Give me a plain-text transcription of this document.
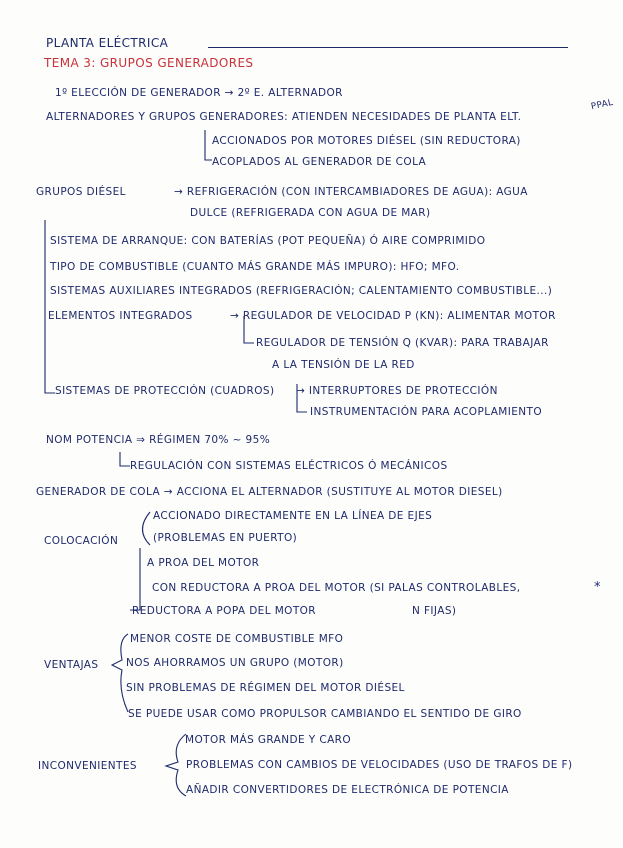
PLANTA ELÉCTRICA
TEMA 3: GRUPOS GENERADORES
PPAL
1º ELECCIÓN DE GENERADOR → 2º E. ALTERNADOR
ALTERNADORES Y GRUPOS GENERADORES: ATIENDEN NECESIDADES DE PLANTA ELT.
ACCIONADOS POR MOTORES DIÉSEL (SIN REDUCTORA)
ACOPLADOS AL GENERADOR DE COLA
GRUPOS DIÉSEL	→ REFRIGERACIÓN (CON INTERCAMBIADORES DE AGUA): AGUA
DULCE (REFRIGERADA CON AGUA DE MAR)
SISTEMA DE ARRANQUE: CON BATERÍAS (POT PEQUEÑA) Ó AIRE COMPRIMIDO
TIPO DE COMBUSTIBLE (CUANTO MÁS GRANDE MÁS IMPURO): HFO; MFO.
SISTEMAS AUXILIARES INTEGRADOS (REFRIGERACIÓN; CALENTAMIENTO COMBUSTIBLE...)
ELEMENTOS INTEGRADOS	→ REGULADOR DE VELOCIDAD P (KN): ALIMENTAR MOTOR
REGULADOR DE TENSIÓN Q (KVAR): PARA TRABAJAR
A LA TENSIÓN DE LA RED
SISTEMAS DE PROTECCIÓN (CUADROS) → INTERRUPTORES DE PROTECCIÓN
INSTRUMENTACIÓN PARA ACOPLAMIENTO
NOM POTENCIA ⇒ RÉGIMEN 70% ~ 95%
REGULACIÓN CON SISTEMAS ELÉCTRICOS Ó MECÁNICOS
GENERADOR DE COLA → ACCIONA EL ALTERNADOR (SUSTITUYE AL MOTOR DIESEL)
COLOCACIÓN
ACCIONADO DIRECTAMENTE EN LA LÍNEA DE EJES
(PROBLEMAS EN PUERTO)
A PROA DEL MOTOR
CON REDUCTORA A PROA DEL MOTOR (SI PALAS CONTROLABLES,	*
REDUCTORA A POPA DEL MOTOR	N FIJAS)
VENTAJAS
MENOR COSTE DE COMBUSTIBLE MFO
NOS AHORRAMOS UN GRUPO (MOTOR)
SIN PROBLEMAS DE RÉGIMEN DEL MOTOR DIÉSEL
SE PUEDE USAR COMO PROPULSOR CAMBIANDO EL SENTIDO DE GIRO
INCONVENIENTES
MOTOR MÁS GRANDE Y CARO
PROBLEMAS CON CAMBIOS DE VELOCIDADES (USO DE TRAFOS DE F)
AÑADIR CONVERTIDORES DE ELECTRÓNICA DE POTENCIA
